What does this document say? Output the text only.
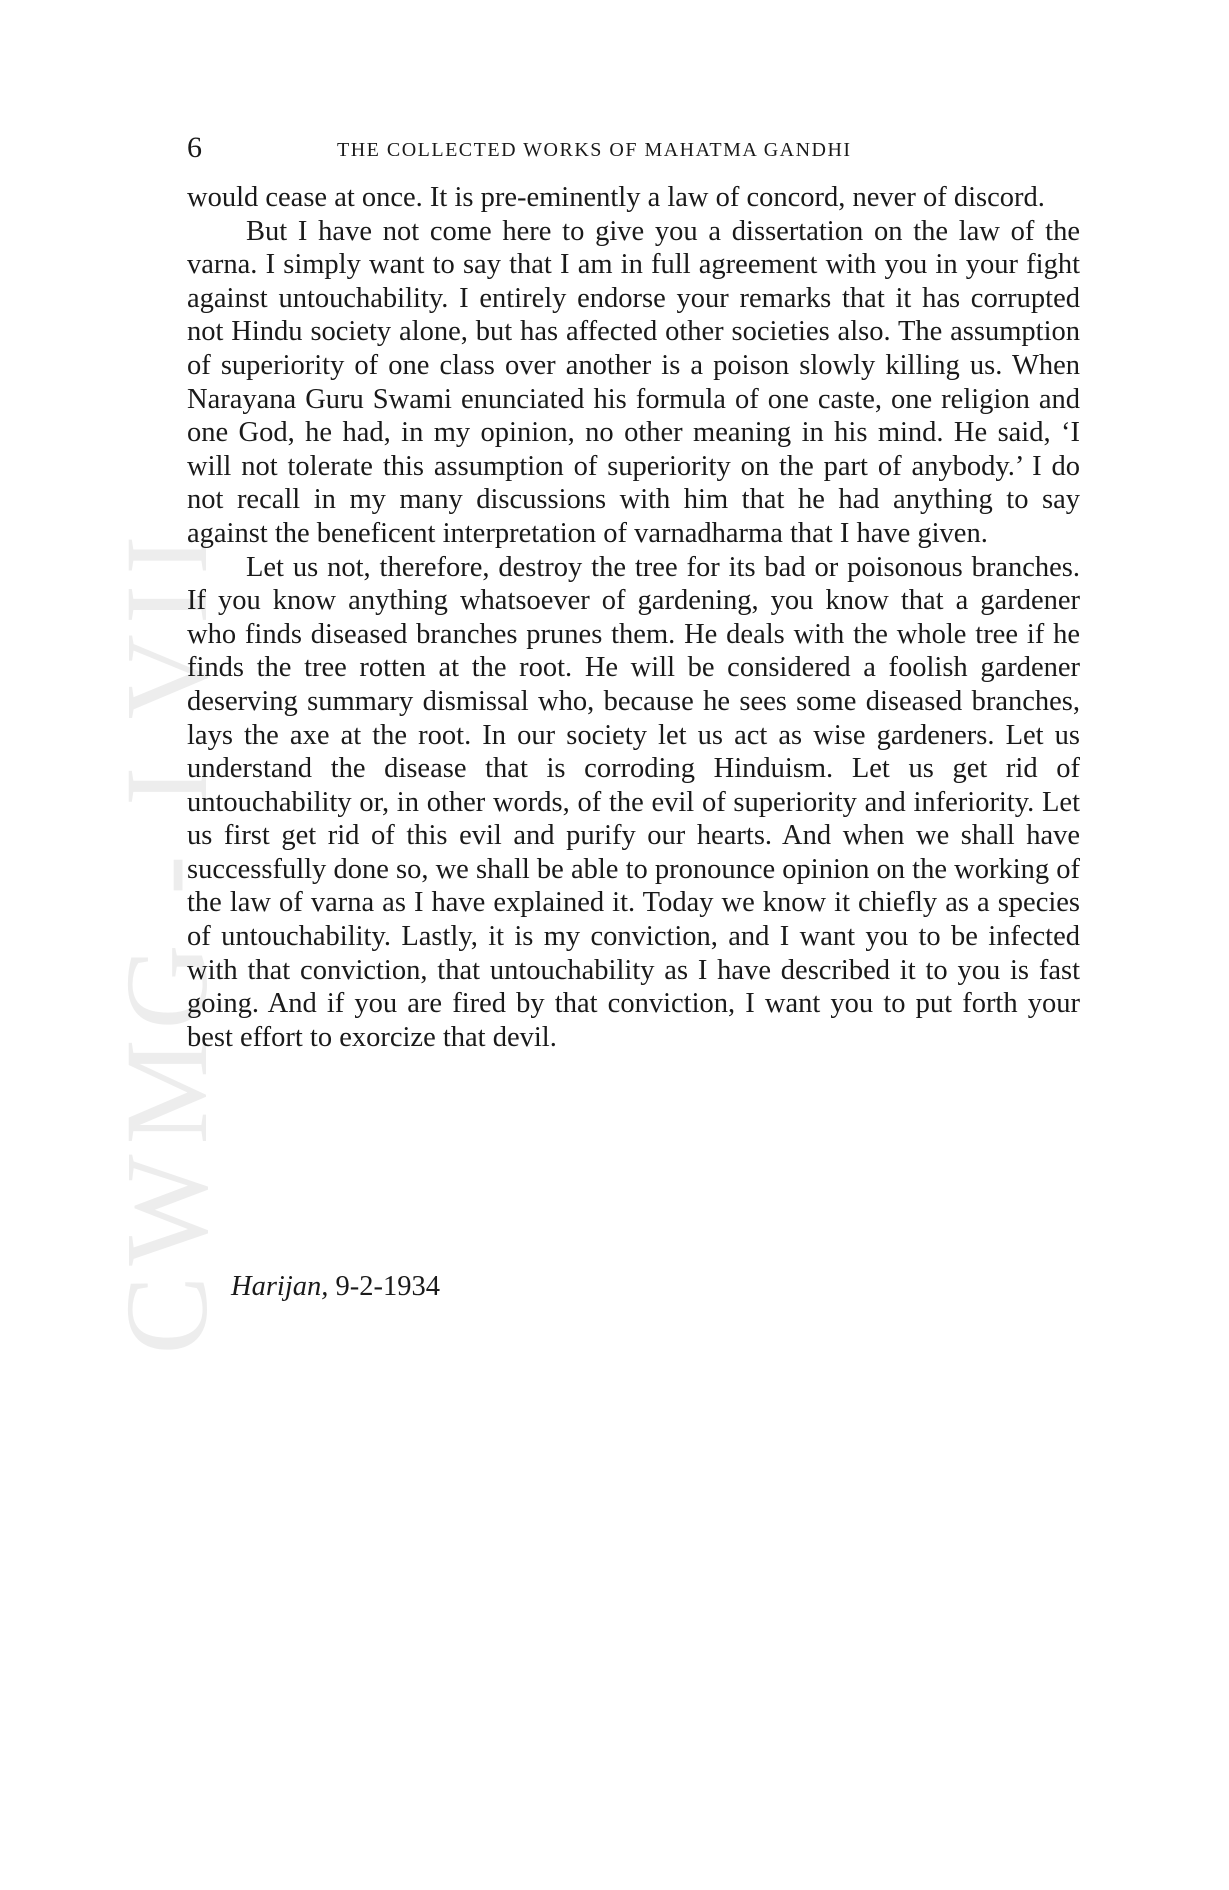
CWMG - I VII
6	THE COLLECTED WORKS OF MAHATMA GANDHI

would cease at once. It is pre-eminently a law of concord, never of discord.

But I have not come here to give you a dissertation on the law of the varna. I simply want to say that I am in full agreement with you in your fight against untouchability. I entirely endorse your remarks that it has corrupted not Hindu society alone, but has affected other societies also. The assumption of superiority of one class over another is a poison slowly killing us. When Narayana Guru Swami enunciated his formula of one caste, one religion and one God, he had, in my opinion, no other meaning in his mind. He said, ‘I will not tolerate this assumption of superiority on the part of anybody.’ I do not recall in my many discussions with him that he had anything to say against the beneficent interpretation of varnadharma that I have given.

Let us not, therefore, destroy the tree for its bad or poisonous branches. If you know anything whatsoever of gardening, you know that a gardener who finds diseased branches prunes them. He deals with the whole tree if he finds the tree rotten at the root. He will be considered a foolish gardener deserving summary dismissal who, because he sees some diseased branches, lays the axe at the root. In our society let us act as wise gardeners. Let us understand the disease that is corroding Hinduism. Let us get rid of untouchability or, in other words, of the evil of superiority and inferiority. Let us first get rid of this evil and purify our hearts. And when we shall have successfully done so, we shall be able to pronounce opinion on the working of the law of varna as I have explained it. Today we know it chiefly as a species of untouchability. Lastly, it is my conviction, and I want you to be infected with that conviction, that untouchability as I have described it to you is fast going. And if you are fired by that conviction, I want you to put forth your best effort to exorcize that devil.

Harijan, 9-2-1934
